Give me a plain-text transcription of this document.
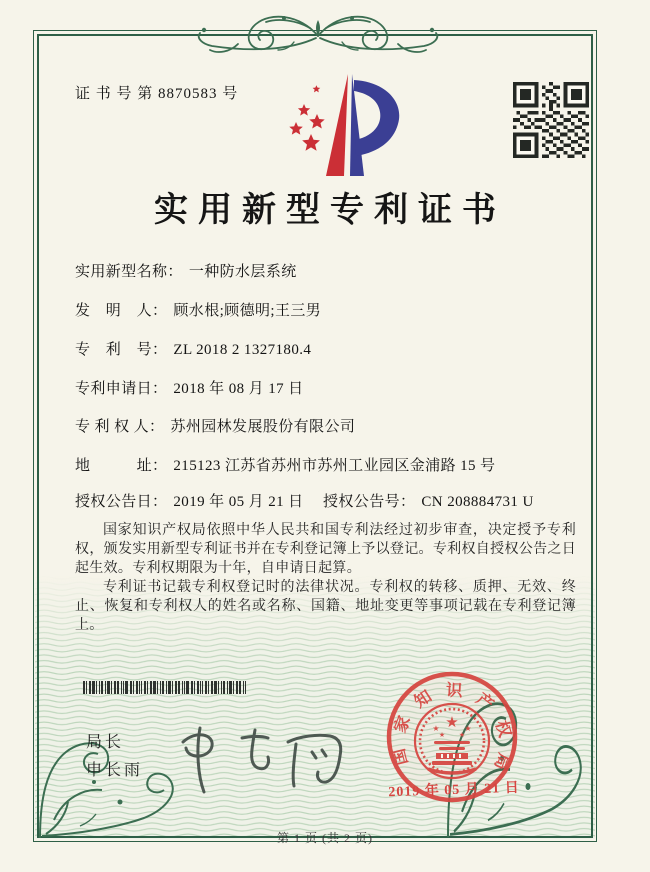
证 书 号 第 8870583 号
实用新型专利证书
实用新型名称： 一种防水层系统
发　明　人： 顾水根;顾德明;王三男
专　利　号： ZL 2018 2 1327180.4
专利申请日： 2018 年 08 月 17 日
专 利 权 人： 苏州园林发展股份有限公司
地　　　址： 215123 江苏省苏州市苏州工业园区金浦路 15 号
授权公告日： 2019 年 05 月 21 日 授权公告号： CN 208884731 U

国家知识产权局依照中华人民共和国专利法经过初步审查，决定授予专利权，颁发实用新型专利证书并在专利登记簿上予以登记。专利权自授权公告之日起生效。专利权期限为十年，自申请日起算。

专利证书记载专利权登记时的法律状况。专利权的转移、质押、无效、终止、恢复和专利权人的姓名或名称、国籍、地址变更等事项记载在专利登记簿上。

局长
申长雨
国家知识产权局
★
★	★
★ ★
2019 年 05 月 21 日
第 1 页 (共 2 页)
